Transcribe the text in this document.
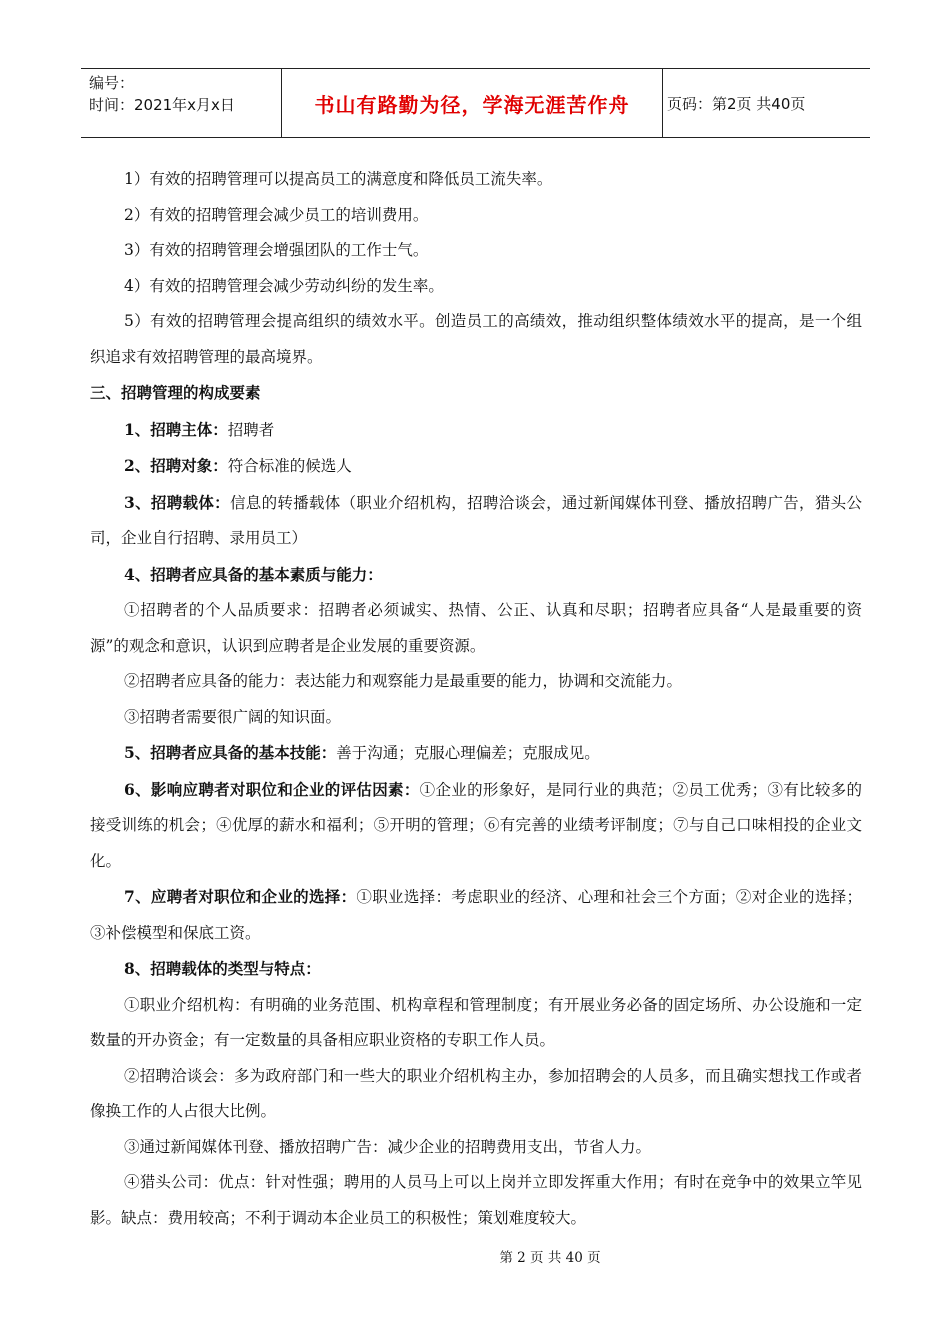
编号：
时间：2021年x月x日	书山有路勤为径，学海无涯苦作舟	页码：第2页 共40页

1）有效的招聘管理可以提高员工的满意度和降低员工流失率。

2）有效的招聘管理会减少员工的培训费用。

3）有效的招聘管理会增强团队的工作士气。

4）有效的招聘管理会减少劳动纠纷的发生率。

5）有效的招聘管理会提高组织的绩效水平。创造员工的高绩效，推动组织整体绩效水平的提高，是一个组织追求有效招聘管理的最高境界。

三、招聘管理的构成要素

1、招聘主体：招聘者

2、招聘对象：符合标准的候选人

3、招聘载体：信息的转播载体（职业介绍机构，招聘洽谈会，通过新闻媒体刊登、播放招聘广告，猎头公司，企业自行招聘、录用员工）

4、招聘者应具备的基本素质与能力：

①招聘者的个人品质要求：招聘者必须诚实、热情、公正、认真和尽职；招聘者应具备“人是最重要的资源”的观念和意识，认识到应聘者是企业发展的重要资源。

②招聘者应具备的能力：表达能力和观察能力是最重要的能力，协调和交流能力。

③招聘者需要很广阔的知识面。

5、招聘者应具备的基本技能：善于沟通；克服心理偏差；克服成见。

6、影响应聘者对职位和企业的评估因素：①企业的形象好，是同行业的典范；②员工优秀；③有比较多的接受训练的机会；④优厚的薪水和福利；⑤开明的管理；⑥有完善的业绩考评制度；⑦与自己口味相投的企业文化。

7、应聘者对职位和企业的选择：①职业选择：考虑职业的经济、心理和社会三个方面；②对企业的选择；③补偿模型和保底工资。

8、招聘载体的类型与特点：

①职业介绍机构：有明确的业务范围、机构章程和管理制度；有开展业务必备的固定场所、办公设施和一定数量的开办资金；有一定数量的具备相应职业资格的专职工作人员。

②招聘洽谈会：多为政府部门和一些大的职业介绍机构主办，参加招聘会的人员多，而且确实想找工作或者像换工作的人占很大比例。

③通过新闻媒体刊登、播放招聘广告：减少企业的招聘费用支出，节省人力。

④猎头公司：优点：针对性强；聘用的人员马上可以上岗并立即发挥重大作用；有时在竞争中的效果立竿见影。缺点：费用较高；不利于调动本企业员工的积极性；策划难度较大。

第 2 页 共 40 页
